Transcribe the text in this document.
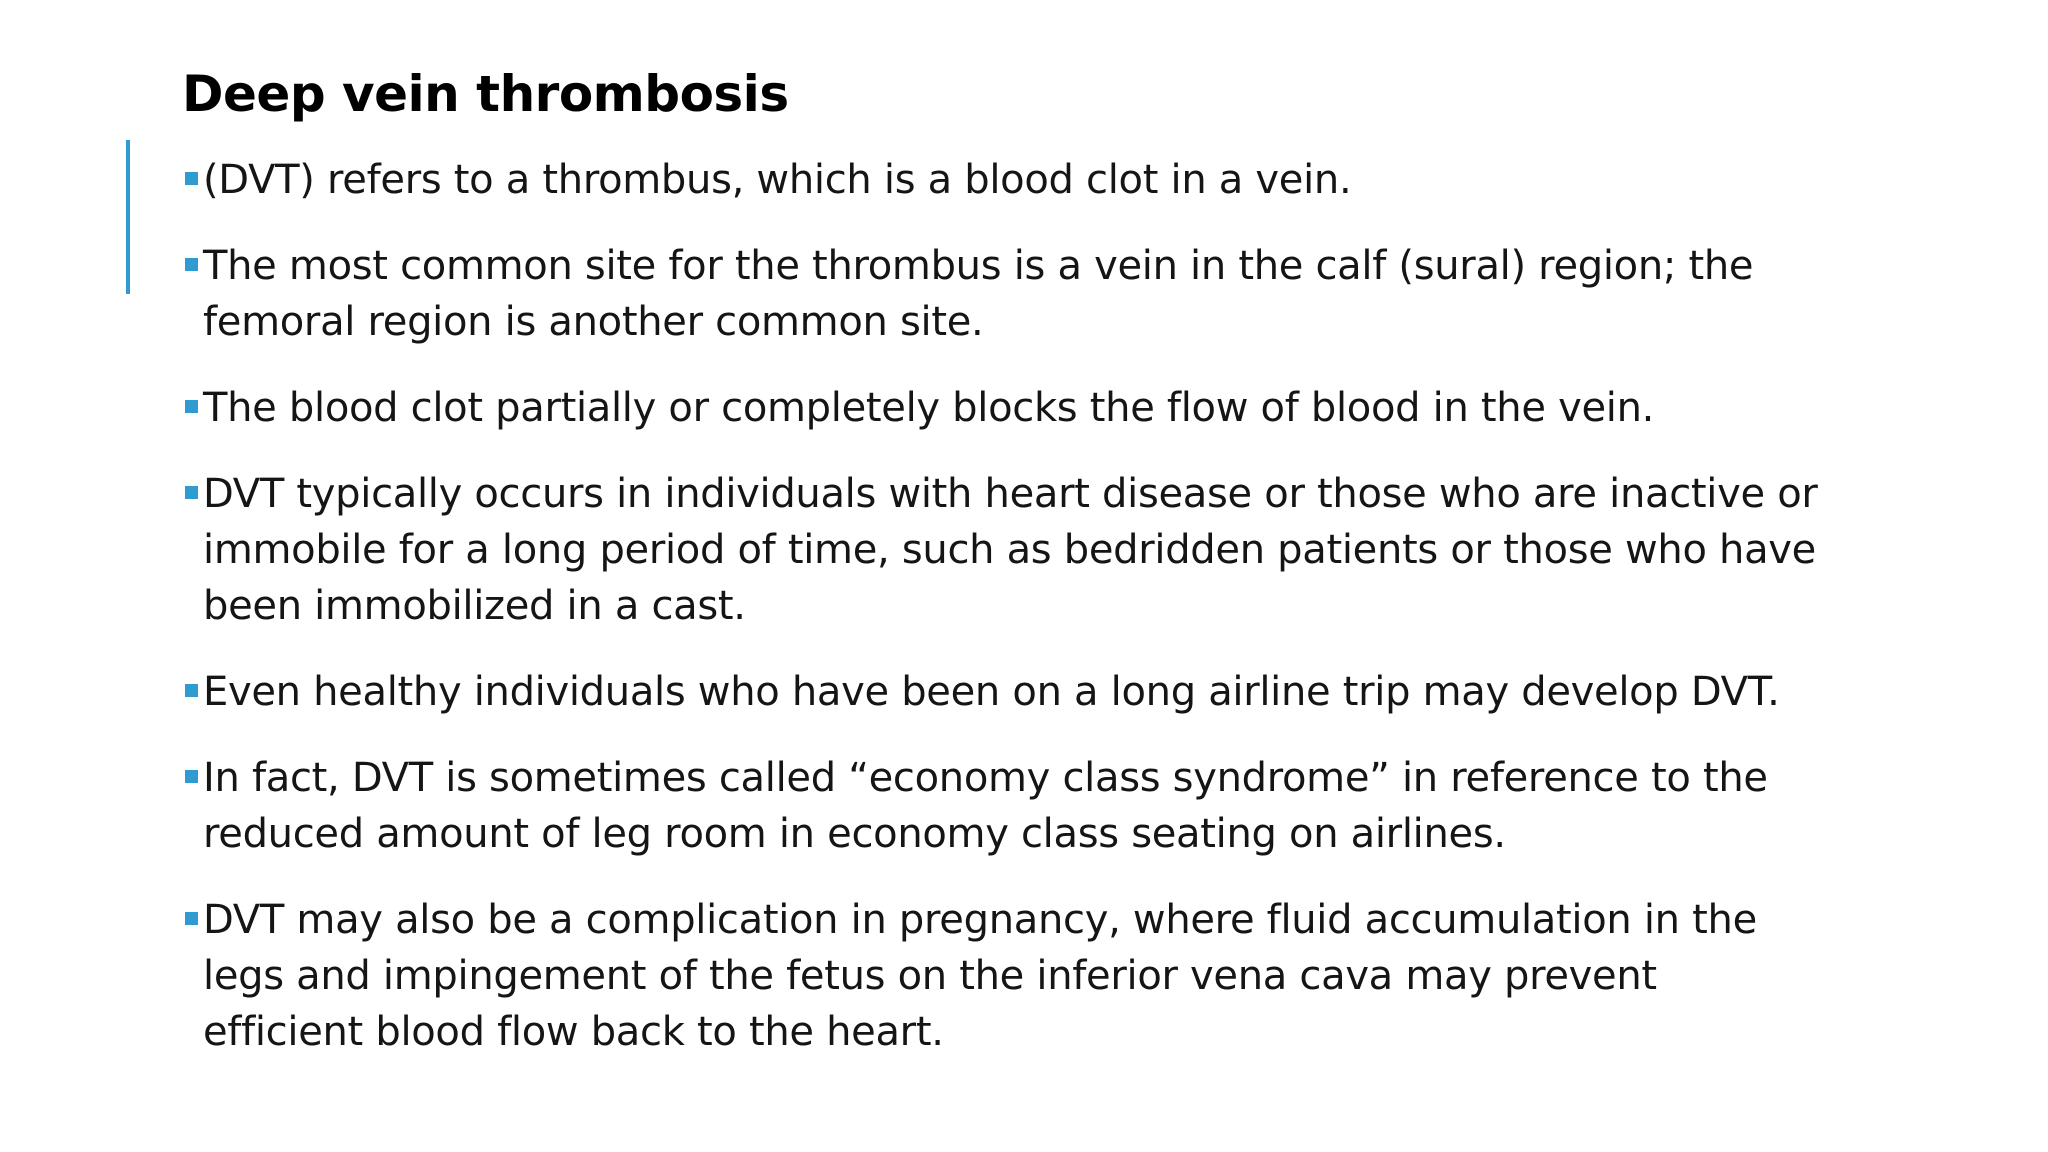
Deep vein thrombosis
(DVT) refers to a thrombus, which is a blood clot in a vein.
The most common site for the thrombus is a vein in the calf (sural) region; the femoral region is another common site.
The blood clot partially or completely blocks the flow of blood in the vein.
DVT typically occurs in individuals with heart disease or those who are inactive or immobile for a long period of time, such as bedridden patients or those who have been immobilized in a cast.
Even healthy individuals who have been on a long airline trip may develop DVT.
In fact, DVT is sometimes called “economy class syndrome” in reference to the reduced amount of leg room in economy class seating on airlines.
DVT may also be a complication in pregnancy, where fluid accumulation in the legs and impingement of the fetus on the inferior vena cava may prevent efficient blood flow back to the heart.
